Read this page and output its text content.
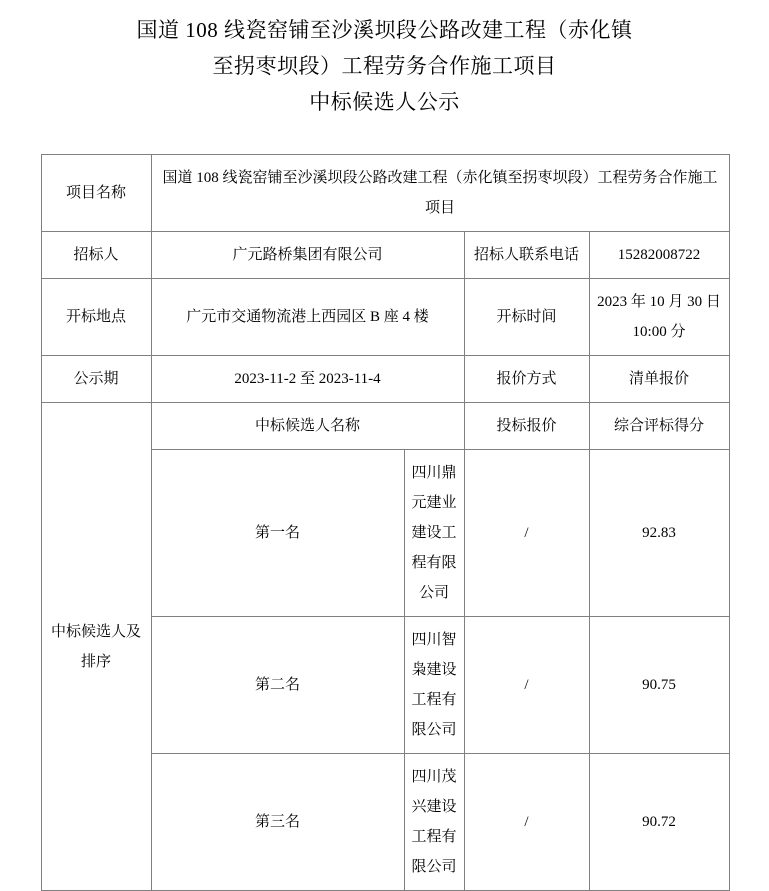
国道 108 线瓷窑铺至沙溪坝段公路改建工程（赤化镇
至拐枣坝段）工程劳务合作施工项目
中标候选人公示
项目名称	国道 108 线瓷窑铺至沙溪坝段公路改建工程（赤化镇至拐枣坝段）工程劳务合作施工项目			
招标人	广元路桥集团有限公司		招标人联系电话	15282008722
开标地点	广元市交通物流港上西园区 B 座 4 楼		开标时间	2023 年 10 月 30 日 10:00 分
公示期	2023-11-2 至 2023-11-4		报价方式	清单报价
中标候选人及排序	中标候选人名称		投标报价	综合评标得分
	第一名	四川鼎元建业建设工程有限公司	/	92.83
	第二名	四川智枭建设工程有限公司	/	90.75
	第三名	四川茂兴建设工程有限公司	/	90.72
